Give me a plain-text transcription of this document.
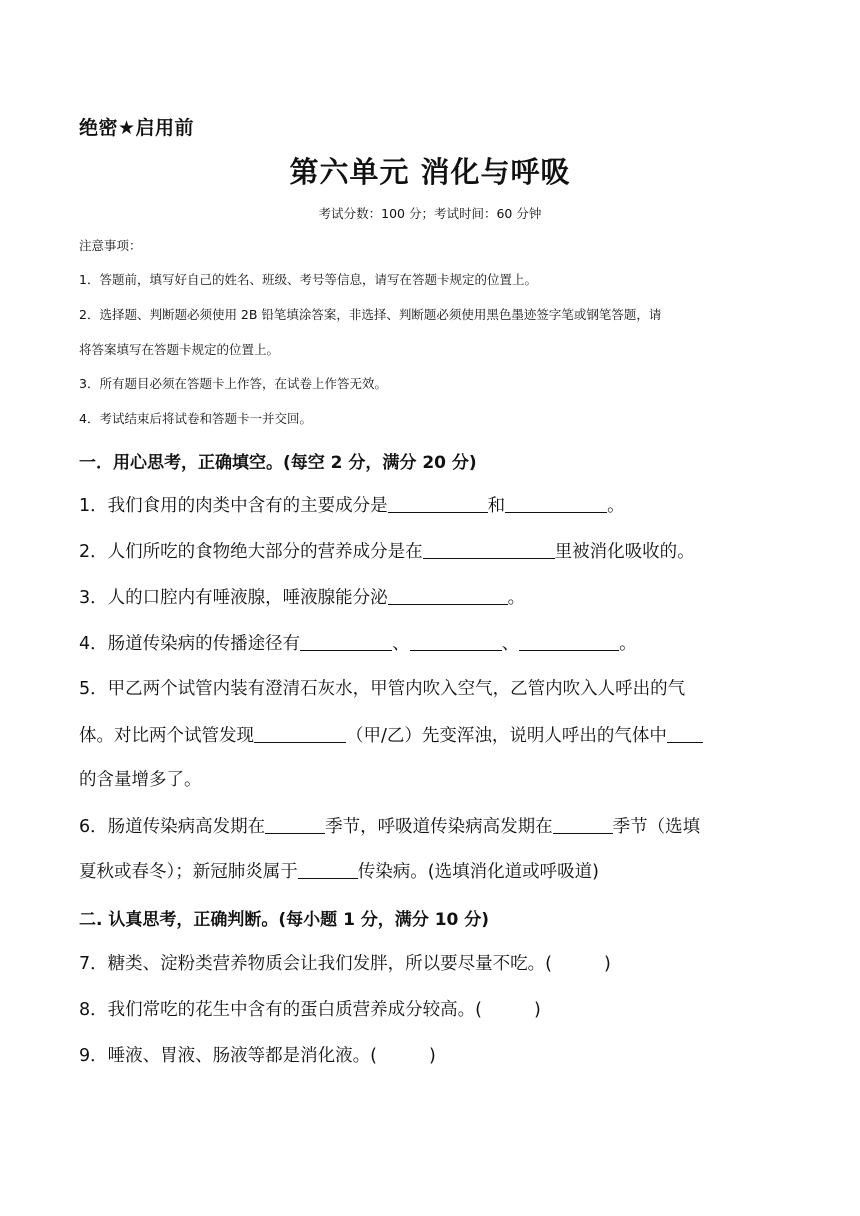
绝密★启用前
第六单元 消化与呼吸
考试分数：100 分；考试时间：60 分钟
注意事项：
1．答题前，填写好自己的姓名、班级、考号等信息，请写在答题卡规定的位置上。
2．选择题、判断题必须使用 2B 铅笔填涂答案，非选择、判断题必须使用黑色墨迹签字笔或钢笔答题，请
将答案填写在答题卡规定的位置上。
3．所有题目必须在答题卡上作答，在试卷上作答无效。
4．考试结束后将试卷和答题卡一并交回。
一．用心思考，正确填空。(每空 2 分，满分 20 分)
1．我们食用的肉类中含有的主要成分是	和	。
2．人们所吃的食物绝大部分的营养成分是在	里被消化吸收的。
3．人的口腔内有唾液腺，唾液腺能分泌	。
4．肠道传染病的传播途径有	、	、	。
5．甲乙两个试管内装有澄清石灰水，甲管内吹入空气，乙管内吹入人呼出的气
体。对比两个试管发现	（甲/乙）先变浑浊，说明人呼出的气体中
的含量增多了。
6．肠道传染病高发期在	季节，呼吸道传染病高发期在	季节（选填
夏秋或春冬）；新冠肺炎属于	传染病。(选填消化道或呼吸道)
二. 认真思考，正确判断。(每小题 1 分，满分 10 分)
7．糖类、淀粉类营养物质会让我们发胖，所以要尽量不吃。(	)
8．我们常吃的花生中含有的蛋白质营养成分较高。(	)
9．唾液、胃液、肠液等都是消化液。(	)
